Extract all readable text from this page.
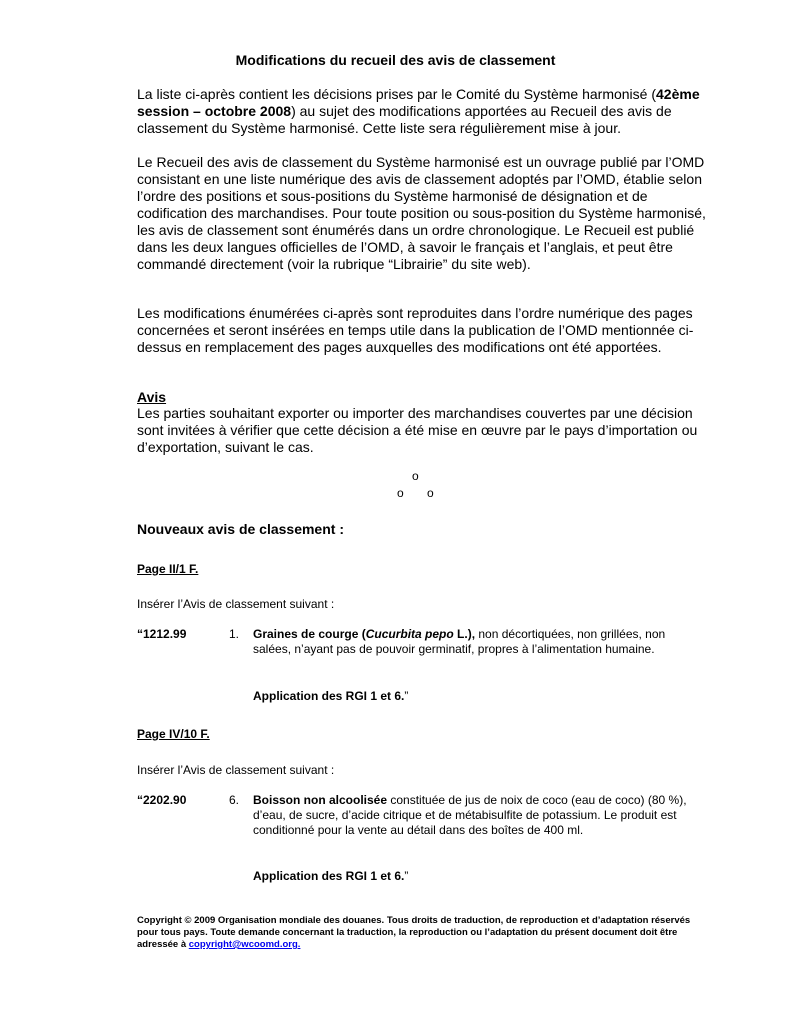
Modifications du recueil des avis de classement
La liste ci-après contient les décisions prises par le Comité du Système harmonisé (42ème session – octobre 2008) au sujet des modifications apportées au Recueil des avis de classement du Système harmonisé. Cette liste sera régulièrement mise à jour.
Le Recueil des avis de classement du Système harmonisé est un ouvrage publié par l’OMD consistant en une liste numérique des avis de classement adoptés par l’OMD, établie selon l’ordre des positions et sous-positions du Système harmonisé de désignation et de codification des marchandises. Pour toute position ou sous-position du Système harmonisé, les avis de classement sont énumérés dans un ordre chronologique. Le Recueil est publié dans les deux langues officielles de l’OMD, à savoir le français et l’anglais, et peut être commandé directement (voir la rubrique “Librairie” du site web).
Les modifications énumérées ci-après sont reproduites dans l’ordre numérique des pages concernées et seront insérées en temps utile dans la publication de l’OMD mentionnée ci-dessus en remplacement des pages auxquelles des modifications ont été apportées.
Avis
Les parties souhaitant exporter ou importer des marchandises couvertes par une décision sont invitées à vérifier que cette décision a été mise en œuvre par le pays d’importation ou d’exportation, suivant le cas.
o
o o
Nouveaux avis de classement :
Page II/1 F.
Insérer l’Avis de classement suivant :
“1212.99	1. Graines de courge (Cucurbita pepo L.), non décortiquées, non grillées, non salées, n’ayant pas de pouvoir germinatif, propres à l’alimentation humaine.
Application des RGI 1 et 6.”
Page IV/10 F.
Insérer l’Avis de classement suivant :
“2202.90	6. Boisson non alcoolisée constituée de jus de noix de coco (eau de coco) (80 %), d’eau, de sucre, d’acide citrique et de métabisulfite de potassium. Le produit est conditionné pour la vente au détail dans des boîtes de 400 ml.
Application des RGI 1 et 6.”
Copyright © 2009 Organisation mondiale des douanes. Tous droits de traduction, de reproduction et d’adaptation réservés pour tous pays. Toute demande concernant la traduction, la reproduction ou l’adaptation du présent document doit être adressée à copyright@wcoomd.org.
